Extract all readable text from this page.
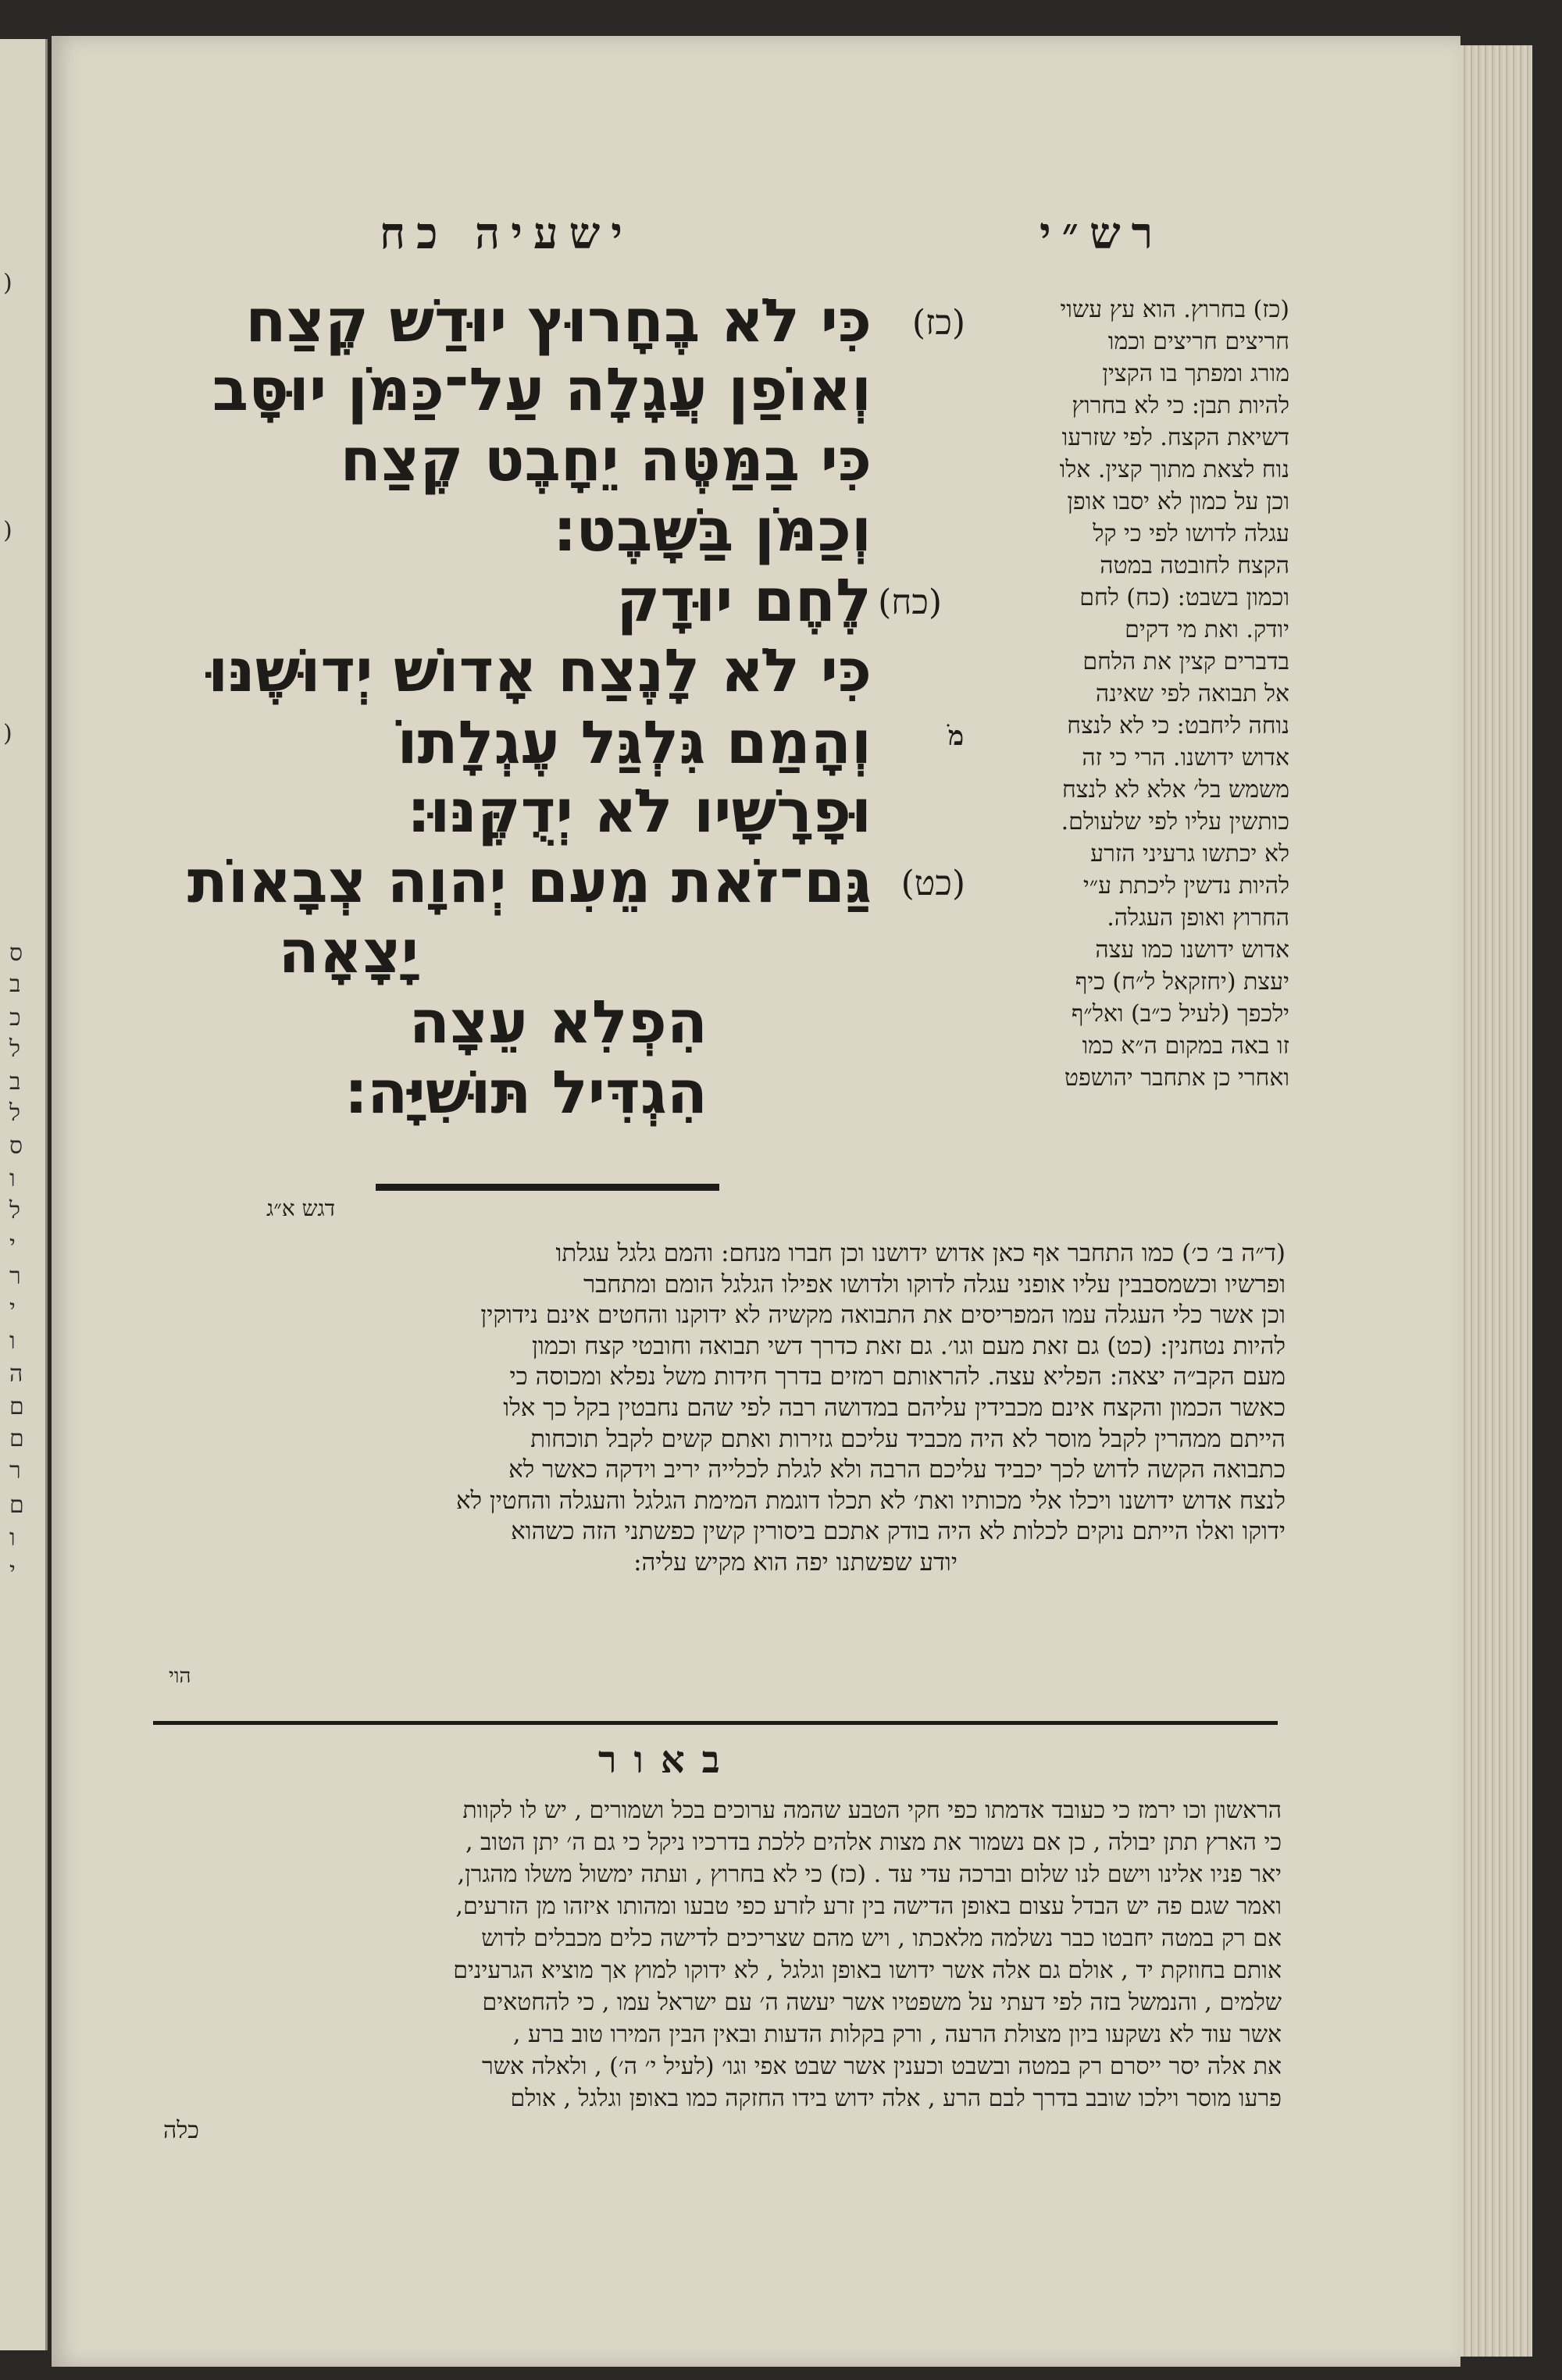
)
)
)
ס
ב
כ
ל
ב
ל
ס
ו
ל
י
ר
י
ו
ה
ם
ם
ר
ם
ו
י
רש״י
ישעיה כח
כִּי לֹא בֶחָרוּץ יוּדַשׁ קֶצַח (כז)
וְאוֹפַן עֲגָלָה עַל־כַּמֹּן יוּסָּב
כִּי בַמַּטֶּה יֵחָבֶט קֶצַח
וְכַמֹּן בַּשָּׁבֶט׃
לֶחֶם יוּדָק (כח)
כִּי לֹא לָנֶצַח אָדוֹשׁ יְדוּשֶׁנּוּ
וְהָמַם גִּלְגַּל עֶגְלָתוֹ
וּפָרָשָׁיו לֹא יְדֻקֶּנּוּ׃
גַּם־זֹאת מֵעִם יְהוָה צְבָאוֹת (כט)
יָצָאָה
הִפְלִא עֵצָה
הִגְדִּיל תּוּשִׁיָּה׃
מׂ
(כז) בחרוץ. הוא עץ עשוי
חריצים חריצים וכמו
מורג ומפתך בו הקצין
להיות תבן: כי לא בחרוץ
דשיאת הקצח. לפי שזרעו
נוח לצאת מתוך קצין. אלו
וכן על כמון לא יסבו אופן
עגלה לדושו לפי כי קל
הקצח לחובטה במטה
וכמון בשבט: (כח) לחם
יודק. ואת מי דקים
בדברים קצין את הלחם
אל תבואה לפי שאינה
נוחה ליחבט: כי לא לנצח
אדוש ידושנו. הרי כי זה
משמש בל׳ אלא לא לנצח
כותשין עליו לפי שלעולם.
לא יכתשו גרעיני הזרע
להיות נדשין ליכתת ע״י
החרוץ ואופן העגלה.
אדוש ידושנו כמו עצה
יעצת (יחזקאל ל״ח) כיף
ילכפך (לעיל כ״ב) ואל״ף
זו באה במקום ה״א כמו
ואחרי כן אתחבר יהושפט
דגש א״ג
(ד״ה ב׳ כ׳) כמו התחבר אף כאן אדוש ידושנו וכן חברו מנחם: והמם גלגל עגלתו
ופרשיו וכשמסבבין עליו אופני עגלה לדוקו ולדושו אפילו הגלגל הומם ומתחבר
וכן אשר כלי העגלה עמו המפריסים את התבואה מקשיה לא ידוקנו והחטים אינם נידוקין
להיות נטחנין: (כט) גם זאת מעם וגו׳. גם זאת כדרך דשי תבואה וחובטי קצח וכמון
מעם הקב״ה יצאה: הפליא עצה. להראותם רמזים בדרך חידות משל נפלא ומכוסה כי
כאשר הכמון והקצח אינם מכבידין עליהם במדושה רבה לפי שהם נחבטין בקל כך אלו
הייתם ממהרין לקבל מוסר לא היה מכביד עליכם גזירות ואתם קשים לקבל תוכחות
כתבואה הקשה לדוש לכך יכביד עליכם הרבה ולא לגלת לכלייה יריב וידקה כאשר לא
לנצח אדוש ידושנו ויכלו אלי מכותיו ואת׳ לא תכלו דוגמת המימת הגלגל והעגלה והחטין לא
ידוקו ואלו הייתם נוקים לכלות לא היה בודק אתכם ביסורין קשין כפשתני הזה כשהוא
יודע שפשתנו יפה הוא מקיש עליה:
הוי
באור
הראשון וכו ירמז כי כעובד אדמתו כפי חקי הטבע שהמה ערוכים בכל ושמורים , יש לו לקוות
כי הארץ תתן יבולה , כן אם נשמור את מצות אלהים ללכת בדרכיו ניקל כי גם ה׳ יתן הטוב ,
יאר פניו אלינו וישם לנו שלום וברכה עדי עד . (כז) כי לא בחרוץ , ועתה ימשול משלו מהגרן,
ואמר שגם פה יש הבדל עצום באופן הדישה בין זרע לזרע כפי טבעו ומהותו איזהו מן הזרעים,
אם רק במטה יחבטו כבר נשלמה מלאכתו , ויש מהם שצריכים לדישה כלים מכבלים לדוש
אותם בחוזקת יד , אולם גם אלה אשר ידושו באופן וגלגל , לא ידוקו למוץ אך מוציא הגרעינים
שלמים , והנמשל בזה לפי דעתי על משפטיו אשר יעשה ה׳ עם ישראל עמו , כי להחטאים
אשר עוד לא נשקעו ביון מצולת הרעה , ורק בקלות הדעות ובאין הבין המירו טוב ברע ,
את אלה יסר ייסרם רק במטה ובשבט וכענין אשר שבט אפי וגו׳ (לעיל י׳ ה׳) , ולאלה אשר
פרעו מוסר וילכו שובב בדרך לבם הרע , אלה ידוש בידו החזקה כמו באופן וגלגל , אולם
כלה
